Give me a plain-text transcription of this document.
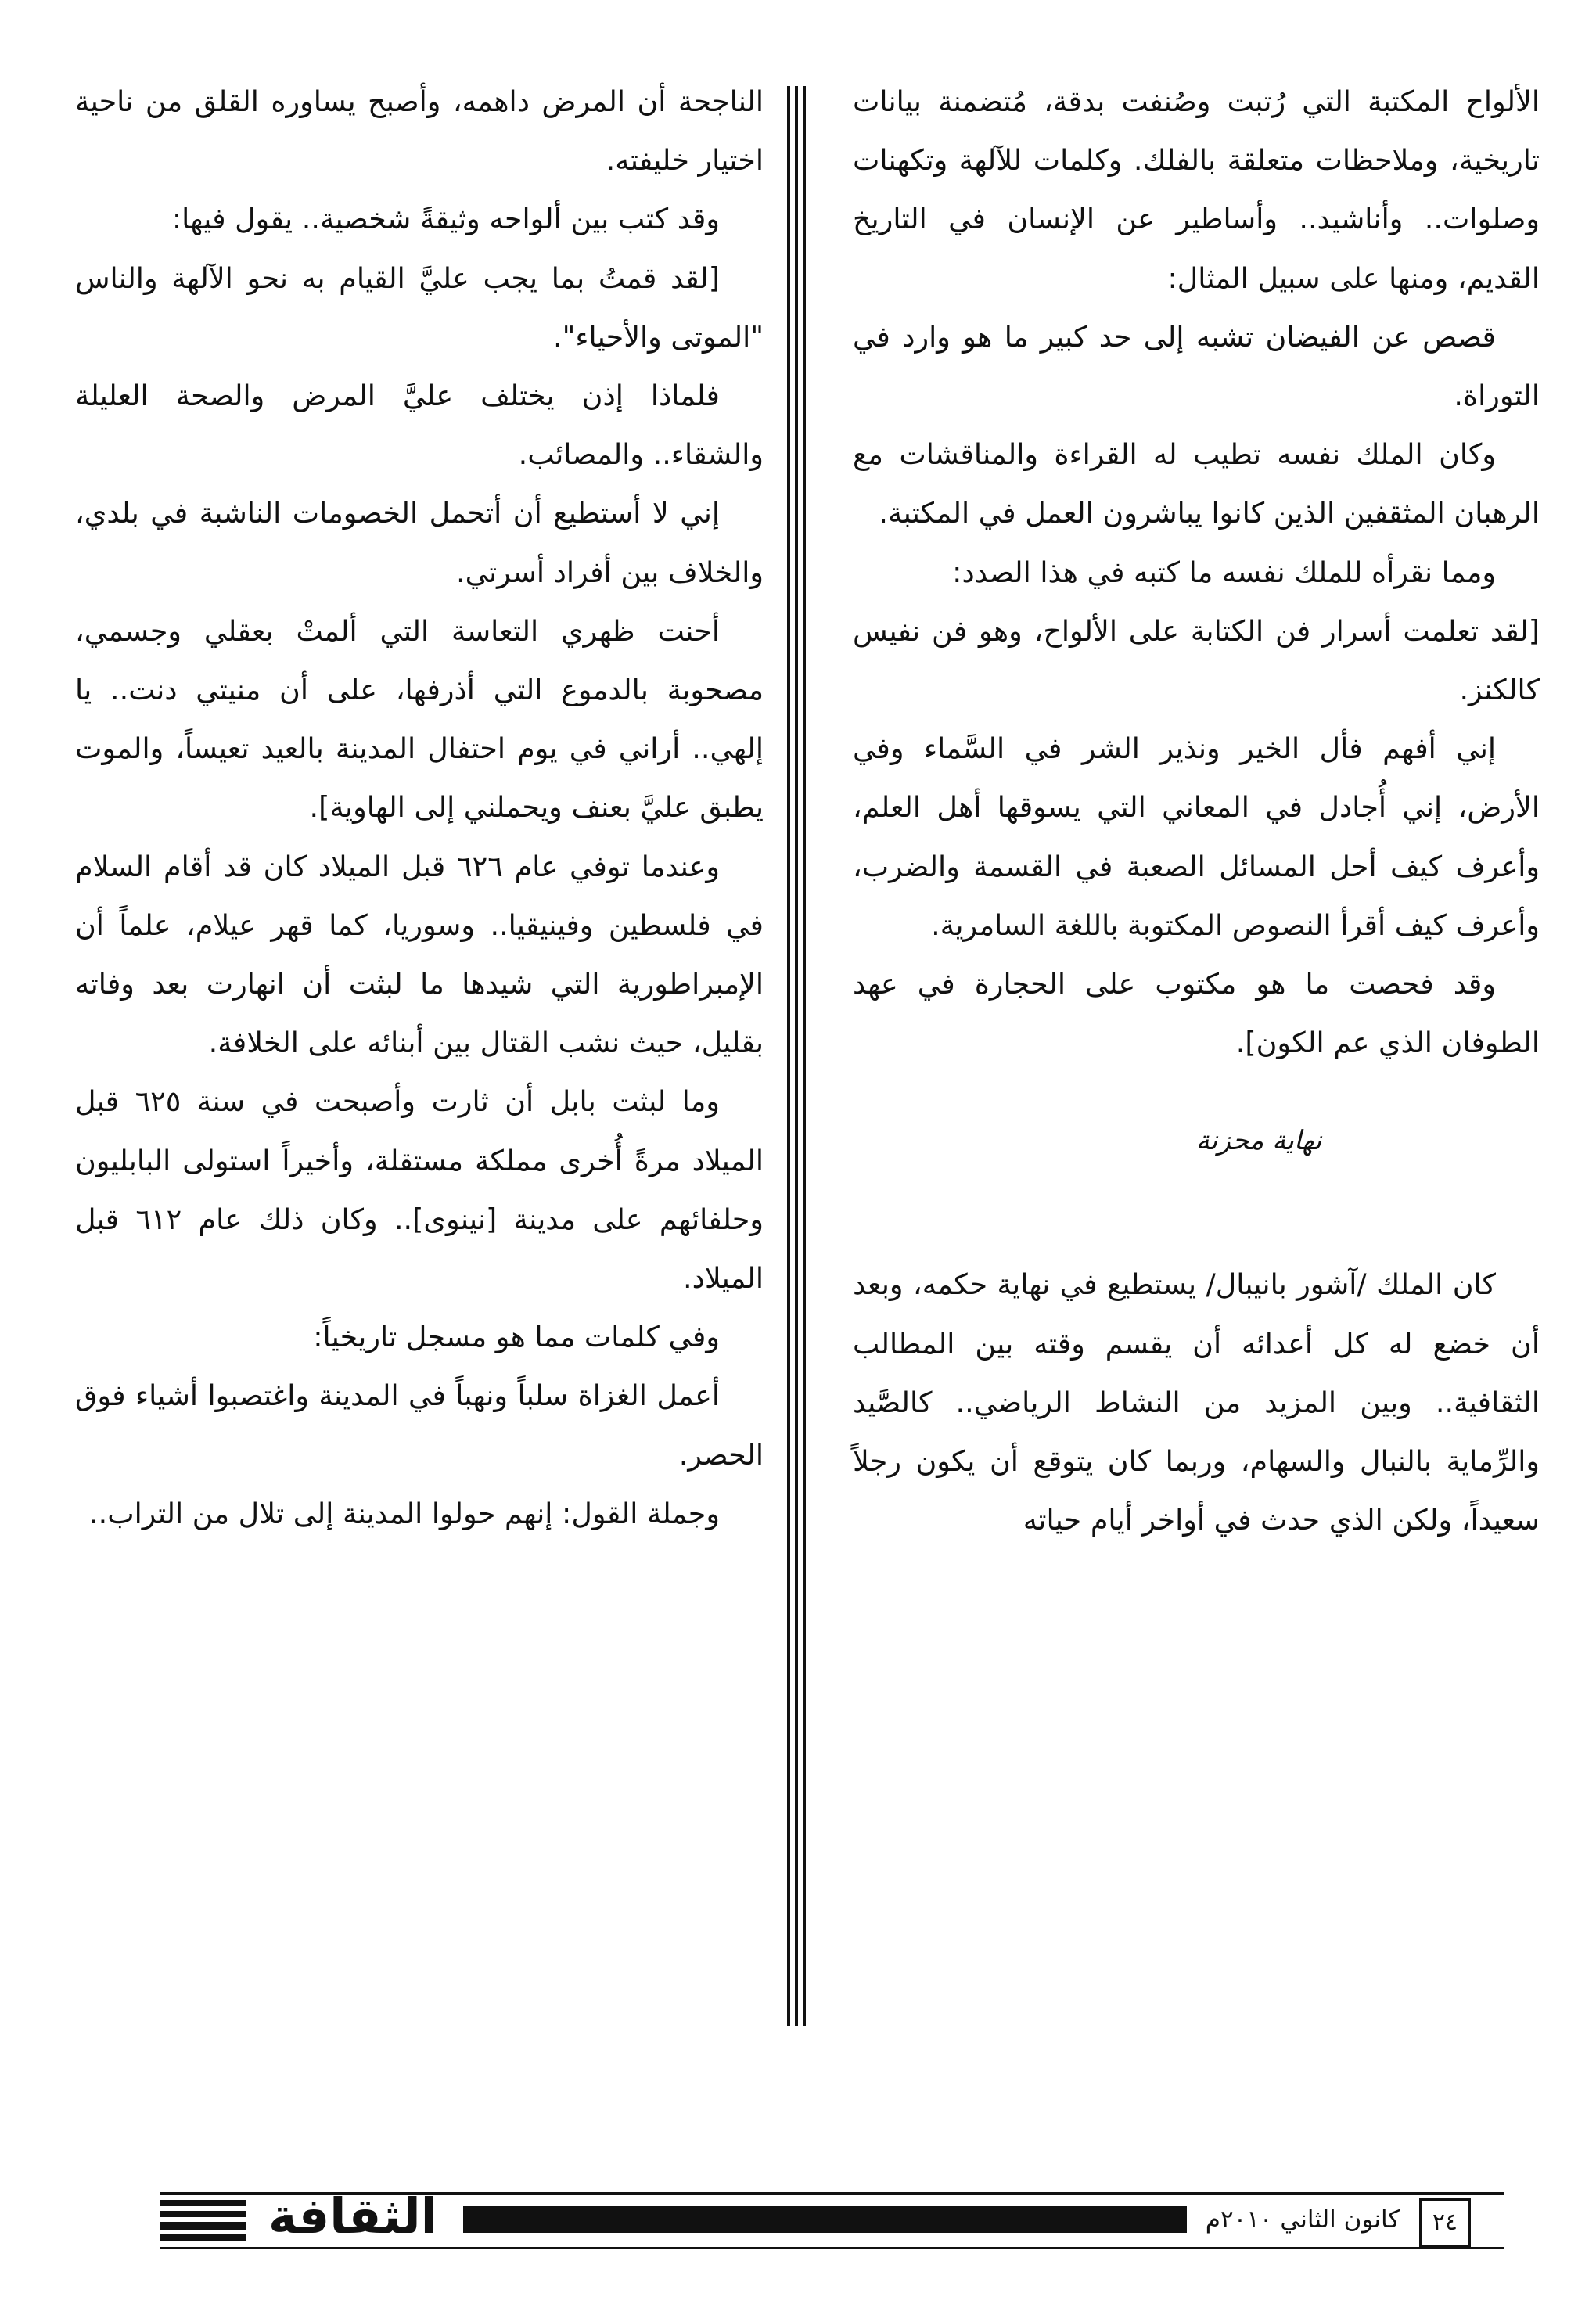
الألواح المكتبة التي رُتبت وصُنفت بدقة، مُتضمنة بيانات تاريخية، وملاحظات متعلقة بالفلك. وكلمات للآلهة وتكهنات وصلوات.. وأناشيد.. وأساطير عن الإنسان في التاريخ القديم، ومنها على سبيل المثال:

قصص عن الفيضان تشبه إلى حد كبير ما هو وارد في التوراة.

وكان الملك نفسه تطيب له القراءة والمناقشات مع الرهبان المثقفين الذين كانوا يباشرون العمل في المكتبة.

ومما نقرأه للملك نفسه ما كتبه في هذا الصدد:

[لقد تعلمت أسرار فن الكتابة على الألواح، وهو فن نفيس كالكنز.

إني أفهم فأل الخير ونذير الشر في السَّماء وفي الأرض، إني أُجادل في المعاني التي يسوقها أهل العلم، وأعرف كيف أحل المسائل الصعبة في القسمة والضرب، وأعرف كيف أقرأ النصوص المكتوبة باللغة السامرية.

وقد فحصت ما هو مكتوب على الحجارة في عهد الطوفان الذي عم الكون].

نهاية محزنة

كان الملك /آشور بانيبال/ يستطيع في نهاية حكمه، وبعد أن خضع له كل أعدائه أن يقسم وقته بين المطالب الثقافية.. وبين المزيد من النشاط الرياضي.. كالصَّيد والرِّماية بالنبال والسهام، وربما كان يتوقع أن يكون رجلاً سعيداً، ولكن الذي حدث في أواخر أيام حياته

الناجحة أن المرض داهمه، وأصبح يساوره القلق من ناحية اختيار خليفته.

وقد كتب بين ألواحه وثيقةً شخصية.. يقول فيها:

[لقد قمتُ بما يجب عليَّ القيام به نحو الآلهة والناس "الموتى والأحياء".

فلماذا إذن يختلف عليَّ المرض والصحة العليلة والشقاء.. والمصائب.

إني لا أستطيع أن أتحمل الخصومات الناشبة في بلدي، والخلاف بين أفراد أسرتي.

أحنت ظهري التعاسة التي ألمتْ بعقلي وجسمي، مصحوبة بالدموع التي أذرفها، على أن منيتي دنت.. يا إلهي.. أراني في يوم احتفال المدينة بالعيد تعيساً، والموت يطبق عليَّ بعنف ويحملني إلى الهاوية].

وعندما توفي عام ٦٢٦ قبل الميلاد كان قد أقام السلام في فلسطين وفينيقيا.. وسوريا، كما قهر عيلام، علماً أن الإمبراطورية التي شيدها ما لبثت أن انهارت بعد وفاته بقليل، حيث نشب القتال بين أبنائه على الخلافة.

وما لبثت بابل أن ثارت وأصبحت في سنة ٦٢٥ قبل الميلاد مرةً أُخرى مملكة مستقلة، وأخيراً استولى البابليون وحلفائهم على مدينة [نينوى].. وكان ذلك عام ٦١٢ قبل الميلاد.

وفي كلمات مما هو مسجل تاريخياً:

أعمل الغزاة سلباً ونهباً في المدينة واغتصبوا أشياء فوق الحصر.

وجملة القول: إنهم حولوا المدينة إلى تلال من التراب..

الثقافة	كانون الثاني ٢٠١٠م	٢٤
